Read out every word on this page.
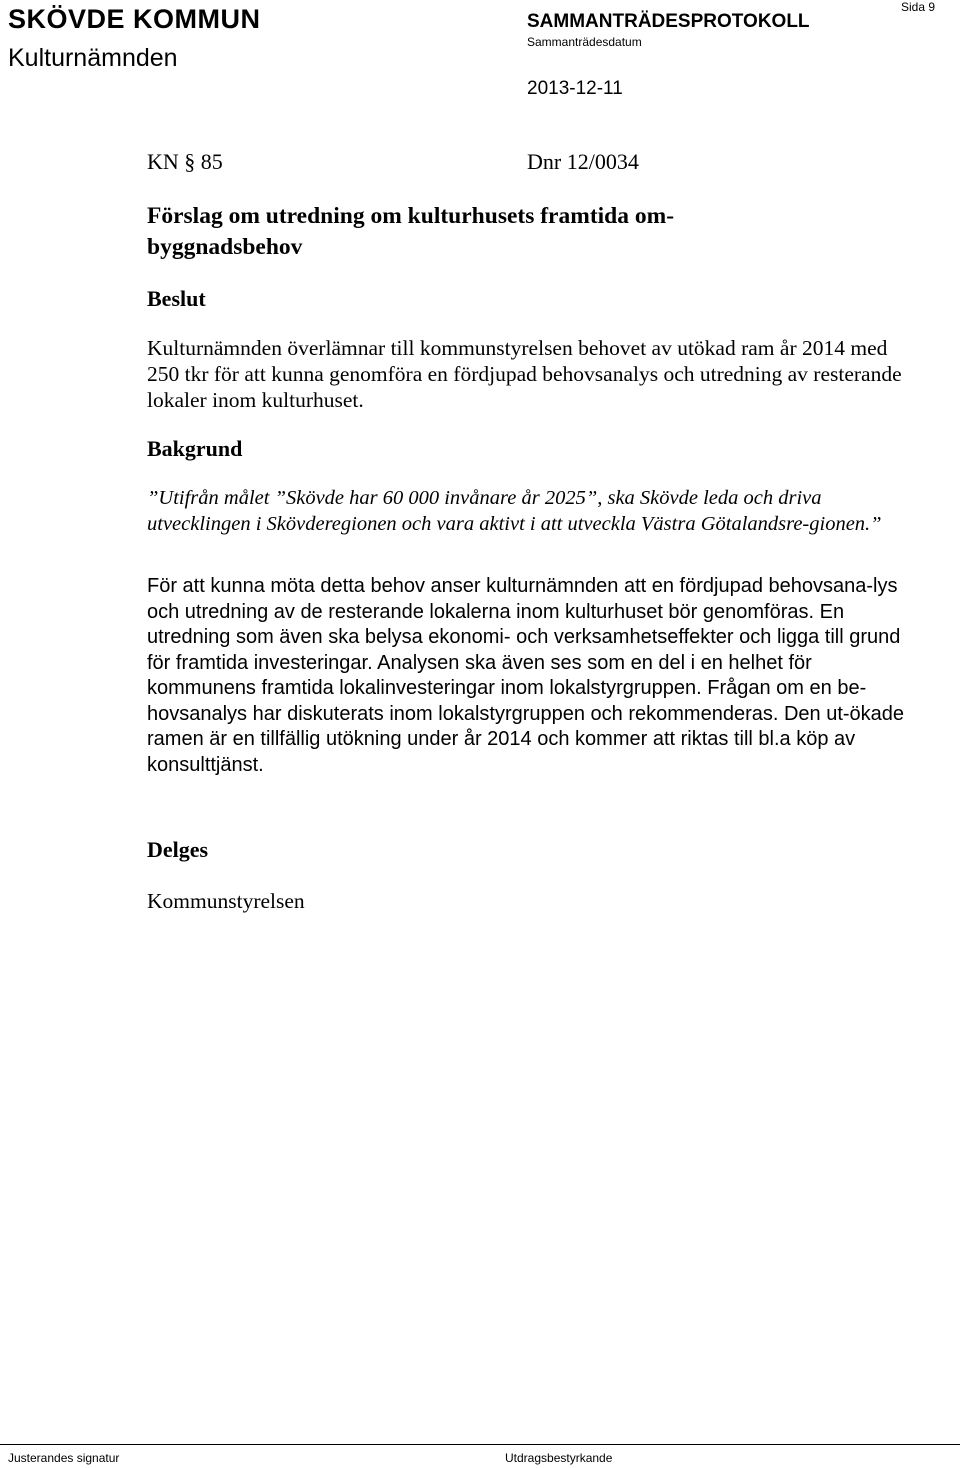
SKÖVDE KOMMUN
Kulturnämnden
SAMMANTRÄDESPROTOKOLL
Sammanträdesdatum
2013-12-11
Sida 9
KN § 85	Dnr 12/0034
Förslag om utredning om kulturhusets framtida om-byggnadsbehov
Beslut
Kulturnämnden överlämnar till kommunstyrelsen behovet av utökad ram år 2014 med 250 tkr för att kunna genomföra en fördjupad behovsanalys och utredning av resterande lokaler inom kulturhuset.
Bakgrund
”Utifrån målet ”Skövde har 60 000 invånare år 2025”, ska Skövde leda och driva utvecklingen i Skövderegionen och vara aktivt i att utveckla Västra Götalandsre-gionen.”
För att kunna möta detta behov anser kulturnämnden att en fördjupad behovsana-lys och utredning av de resterande lokalerna inom kulturhuset bör genomföras. En utredning som även ska belysa ekonomi- och verksamhetseffekter och ligga till grund för framtida investeringar. Analysen ska även ses som en del i en helhet för kommunens framtida lokalinvesteringar inom lokalstyrgruppen. Frågan om en be-hovsanalys har diskuterats inom lokalstyrgruppen och rekommenderas. Den ut-ökade ramen är en tillfällig utökning under år 2014 och kommer att riktas till bl.a köp av konsulttjänst.
Delges
Kommunstyrelsen
Justerandes signatur	Utdragsbestyrkande
